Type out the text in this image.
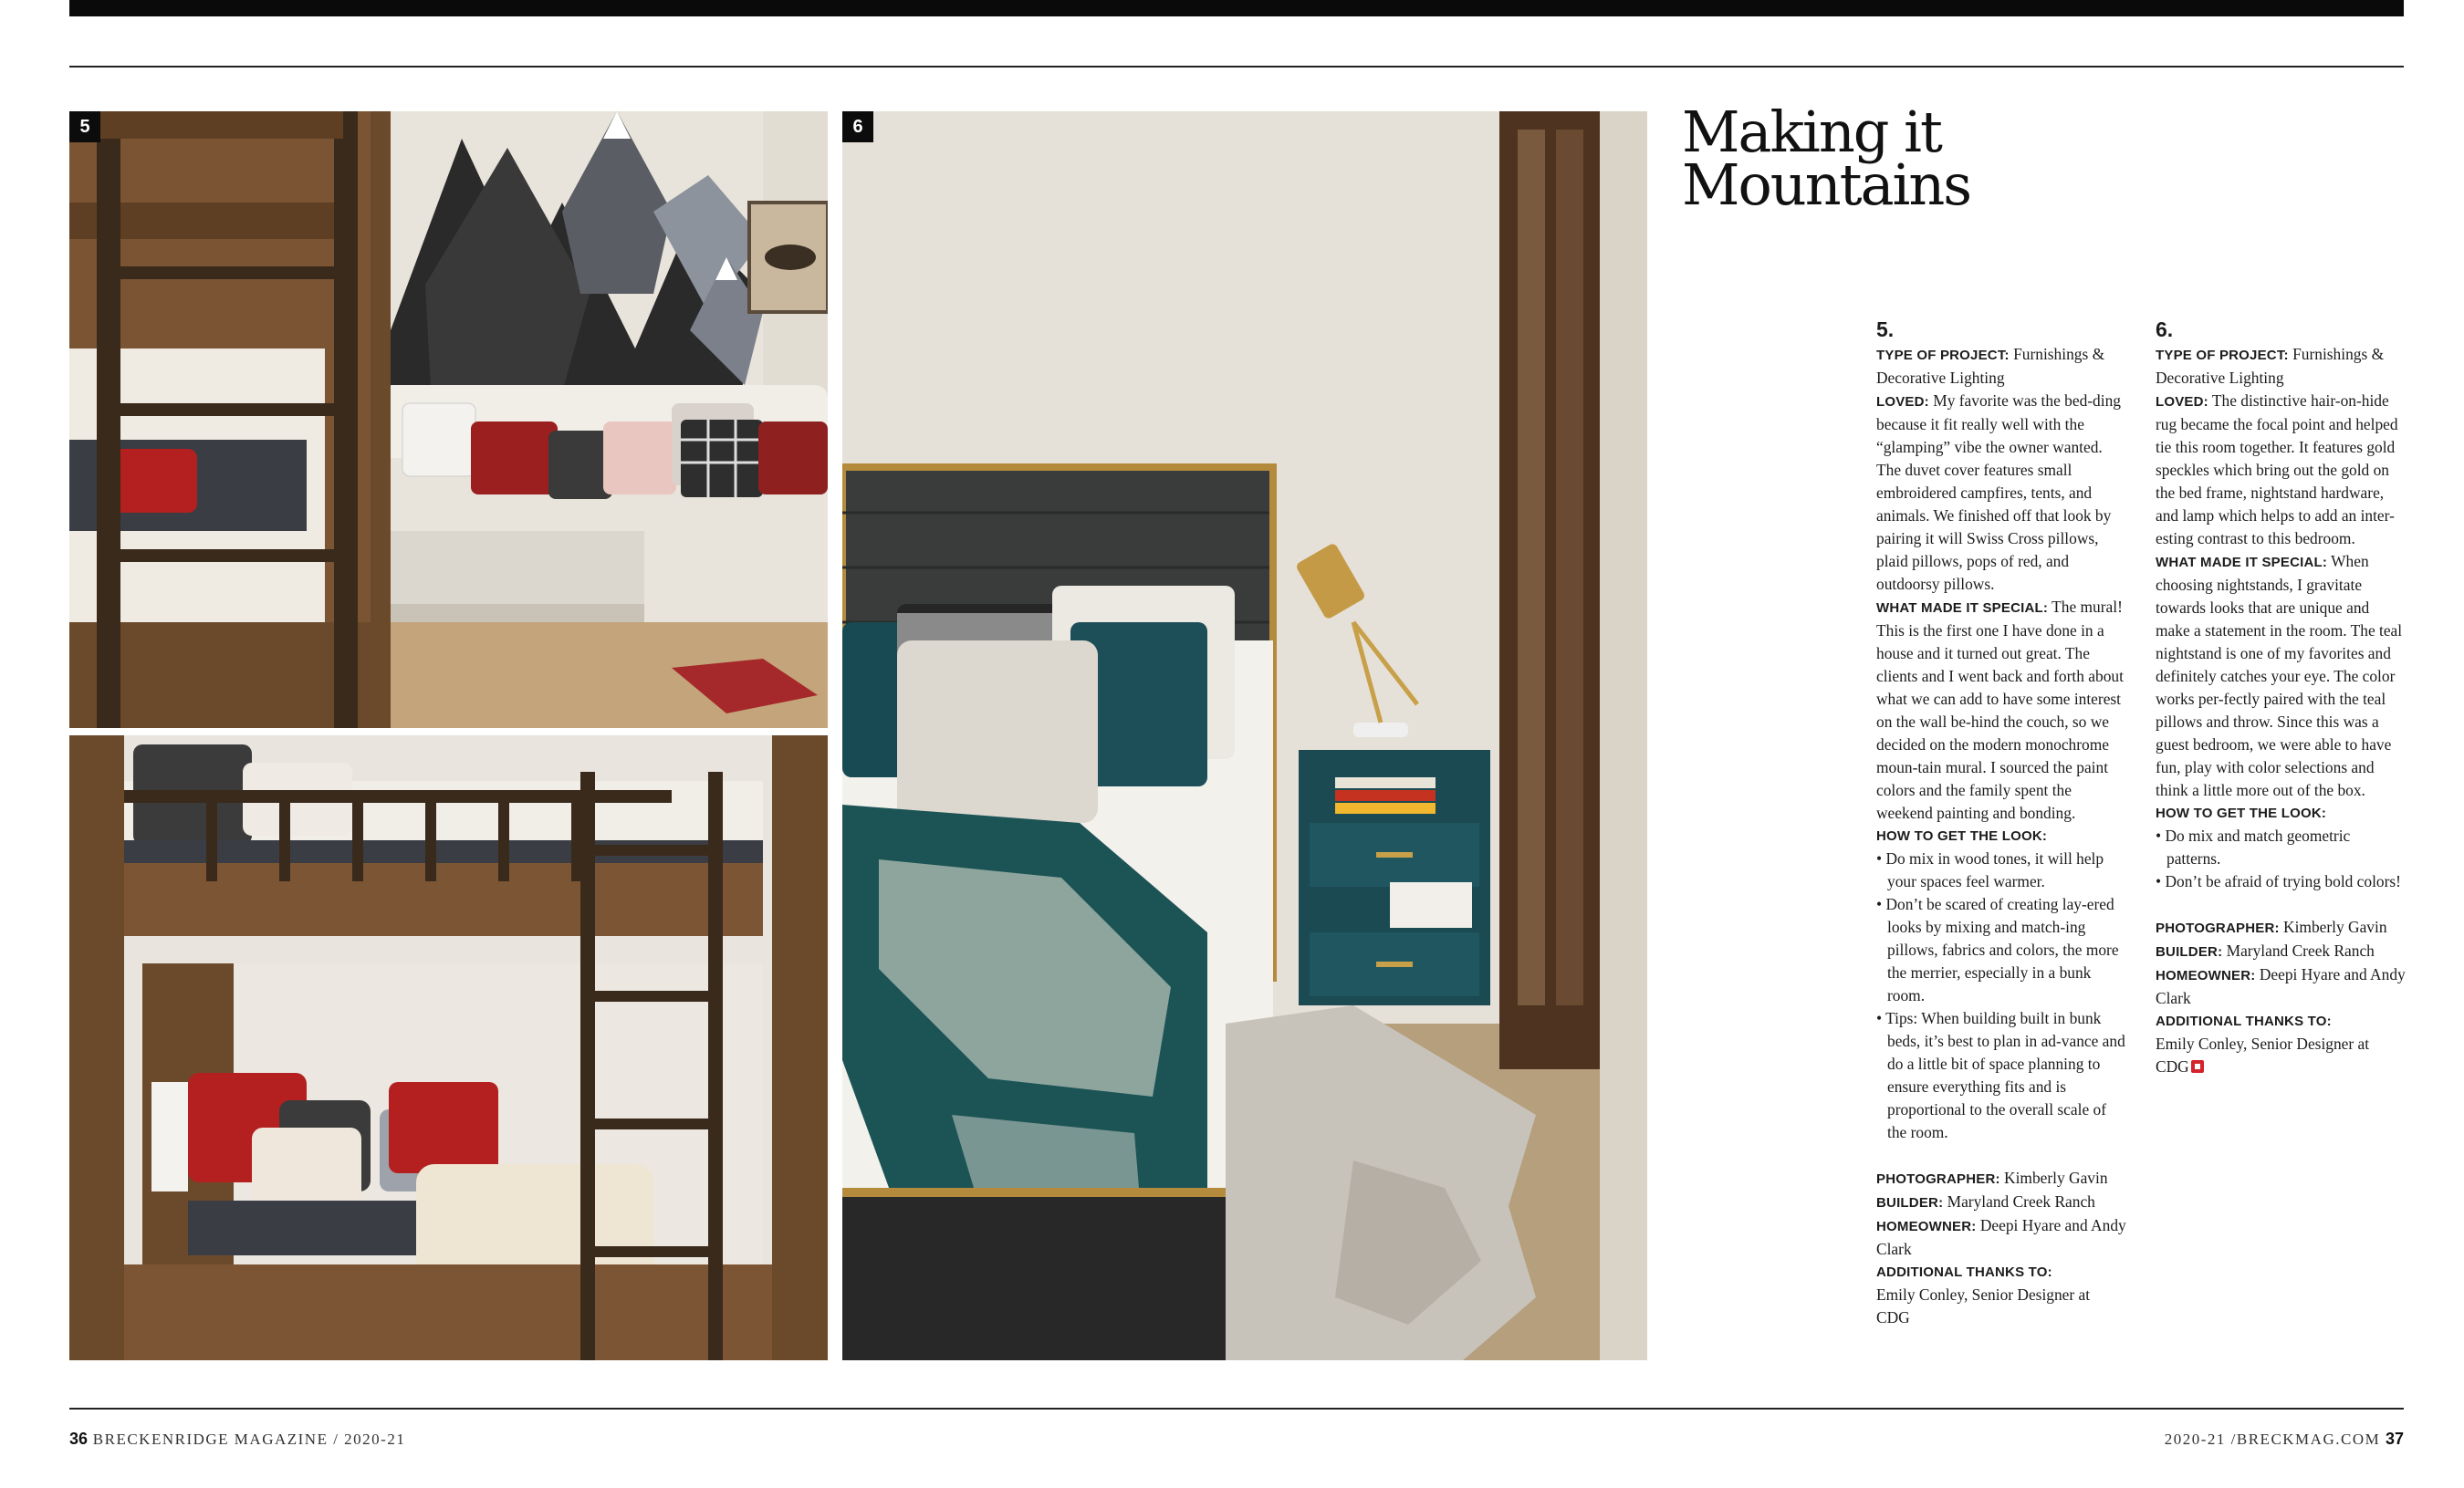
5	6	Making it
Mountains
5.

TYPE OF PROJECT: Furnishings & Decorative Lighting

LOVED: My favorite was the bed-ding because it fit really well with the “glamping” vibe the owner wanted. The duvet cover features small embroidered campfires, tents, and animals. We finished off that look by pairing it will Swiss Cross pillows, plaid pillows, pops of red, and outdoorsy pillows.

WHAT MADE IT SPECIAL: The mural! This is the first one I have done in a house and it turned out great. The clients and I went back and forth about what we can add to have some interest on the wall be-hind the couch, so we decided on the modern monochrome moun-tain mural. I sourced the paint colors and the family spent the weekend painting and bonding.

HOW TO GET THE LOOK:

• Do mix in wood tones, it will help your spaces feel warmer.
• Don’t be scared of creating lay-ered looks by mixing and match-ing pillows, fabrics and colors, the more the merrier, especially in a bunk room.
• Tips: When building built in bunk beds, it’s best to plan in ad-vance and do a little bit of space planning to ensure everything fits and is proportional to the overall scale of the room.

PHOTOGRAPHER: Kimberly Gavin

BUILDER: Maryland Creek Ranch

HOMEOWNER: Deepi Hyare and Andy Clark

ADDITIONAL THANKS TO:

Emily Conley, Senior Designer at CDG

6.

TYPE OF PROJECT: Furnishings & Decorative Lighting

LOVED: The distinctive hair-on-hide rug became the focal point and helped tie this room together. It features gold speckles which bring out the gold on the bed frame, nightstand hardware, and lamp which helps to add an inter-esting contrast to this bedroom.

WHAT MADE IT SPECIAL: When choosing nightstands, I gravitate towards looks that are unique and make a statement in the room. The teal nightstand is one of my favorites and definitely catches your eye. The color works per-fectly paired with the teal pillows and throw. Since this was a guest bedroom, we were able to have fun, play with color selections and think a little more out of the box.

HOW TO GET THE LOOK:

• Do mix and match geometric patterns.
• Don’t be afraid of trying bold colors!

PHOTOGRAPHER: Kimberly Gavin

BUILDER: Maryland Creek Ranch

HOMEOWNER: Deepi Hyare and Andy Clark

ADDITIONAL THANKS TO:

Emily Conley, Senior Designer at CDG

36 BRECKENRIDGE MAGAZINE / 2020-21	2020-21 /BRECKMAG.COM 37
